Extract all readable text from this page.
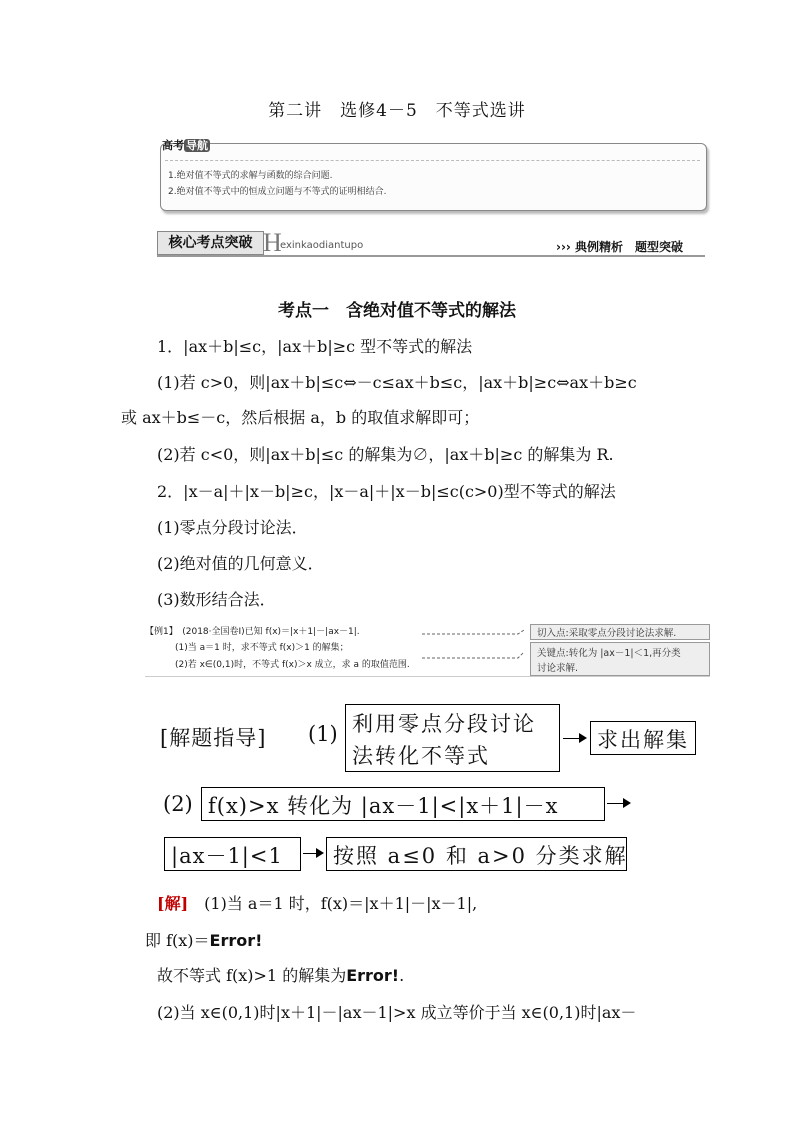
第二讲　选修4－5　不等式选讲
高考 导航
1.绝对值不等式的求解与函数的综合问题.
2.绝对值不等式中的恒成立问题与不等式的证明相结合.
核心考点突破 H
exinkaodiantupo	››› 典例精析　题型突破
考点一　含绝对值不等式的解法
1．|ax＋b|≤c，|ax＋b|≥c 型不等式的解法
(1)若 c>0，则|ax＋b|≤c⇔－c≤ax＋b≤c，|ax＋b|≥c⇔ax＋b≥c
或 ax＋b≤－c，然后根据 a，b 的取值求解即可；
(2)若 c<0，则|ax＋b|≤c 的解集为∅，|ax＋b|≥c 的解集为 R.
2．|x－a|＋|x－b|≥c，|x－a|＋|x－b|≤c(c>0)型不等式的解法
(1)零点分段讨论法．
(2)绝对值的几何意义．
(3)数形结合法．
【例1】　(2018·全国卷Ⅰ)已知 f(x)＝|x＋1|－|ax－1|.
(1)当 a＝1 时，求不等式 f(x)＞1 的解集；
(2)若 x∈(0,1)时，不等式 f(x)＞x 成立，求 a 的取值范围.
切入点:采取零点分段讨论法求解.
关键点:转化为 |ax－1|＜1,再分类
讨论求解.
[解题指导] (1) 利用零点分段讨论
法转化不等式
求出解集
(2) f(x)>x 转化为 |ax－1|<|x＋1|－x
|ax－1|<1 按照 a≤0 和 a>0 分类求解
[解]　 (1)当 a＝1 时，f(x)＝|x＋1|－|x－1|,
即 f(x)＝Error!
故不等式 f(x)>1 的解集为Error!.
(2)当 x∈(0,1)时|x＋1|－|ax－1|>x 成立等价于当 x∈(0,1)时|ax－
